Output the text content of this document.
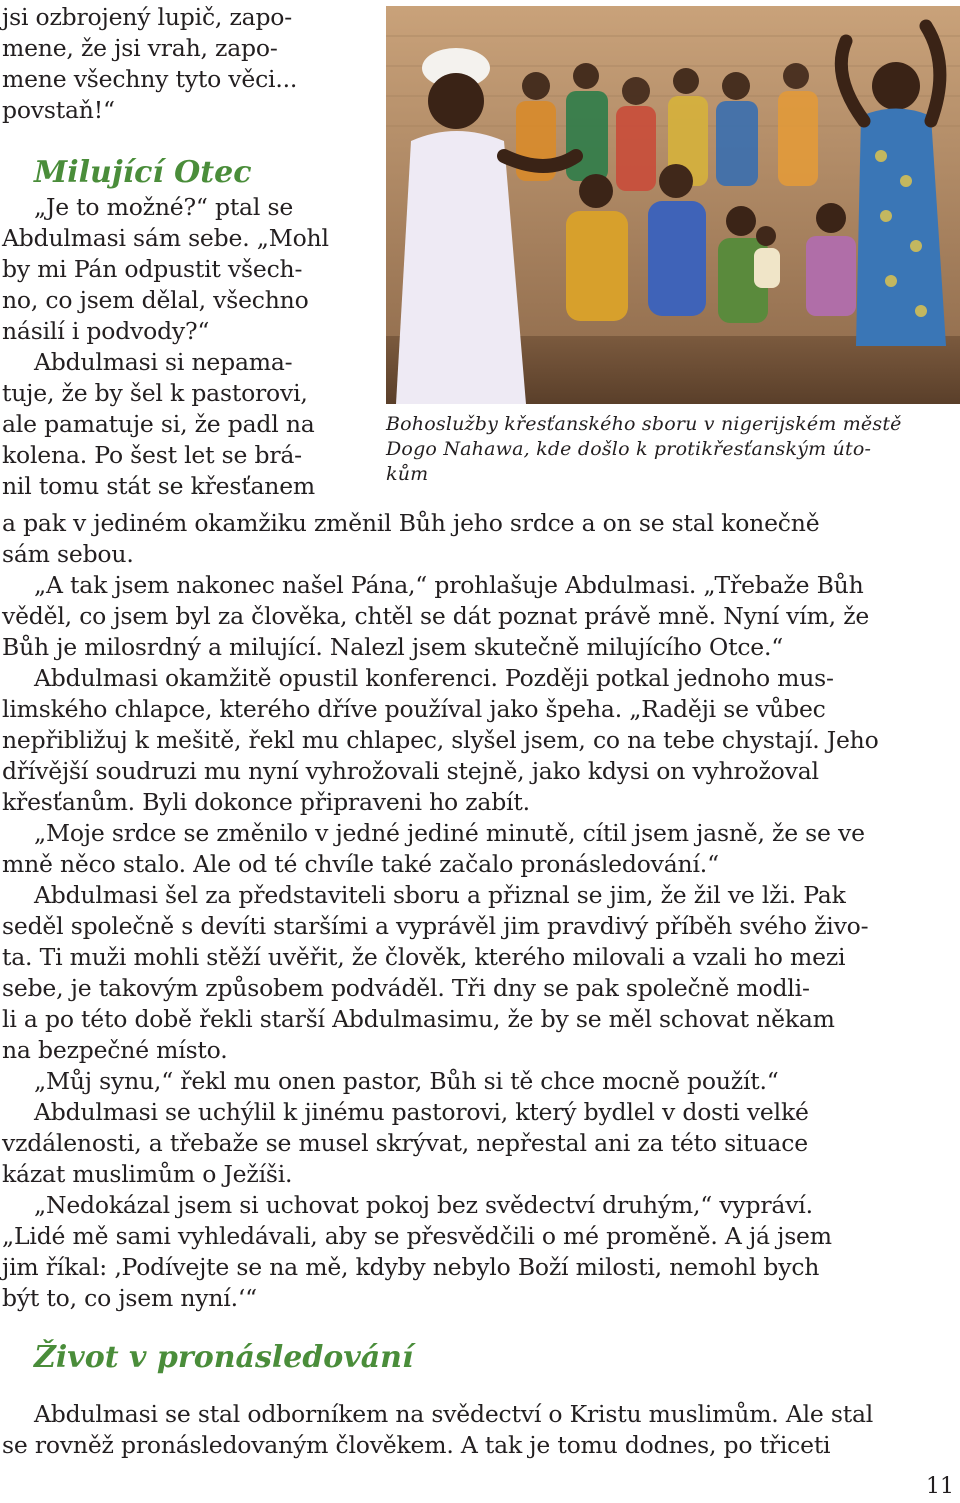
jsi ozbrojený lupič, zapo-
mene, že jsi vrah, zapo-
mene všechny tyto věci...
povstaň!“
Milující Otec
„Je to možné?“ ptal se
Abdulmasi sám sebe. „Mohl
by mi Pán odpustit všech-
no, co jsem dělal, všechno
násilí i podvody?“
Abdulmasi si nepama-
tuje, že by šel k pastorovi,
ale pamatuje si, že padl na
kolena. Po šest let se brá-
nil tomu stát se křesťanem
Bohoslužby křesťanského sboru v nigerijském městě
Dogo Nahawa, kde došlo k protikřesťanským úto-
kům
a pak v jediném okamžiku změnil Bůh jeho srdce a on se stal konečně
sám sebou.
„A tak jsem nakonec našel Pána,“ prohlašuje Abdulmasi. „Třebaže Bůh
věděl, co jsem byl za člověka, chtěl se dát poznat právě mně. Nyní vím, že
Bůh je milosrdný a milující. Nalezl jsem skutečně milujícího Otce.“
Abdulmasi okamžitě opustil konferenci. Později potkal jednoho mus-
limského chlapce, kterého dříve používal jako špeha. „Raději se vůbec
nepřibližuj k mešitě, řekl mu chlapec, slyšel jsem, co na tebe chystají. Jeho
dřívější soudruzi mu nyní vyhrožovali stejně, jako kdysi on vyhrožoval
křesťanům. Byli dokonce připraveni ho zabít.
„Moje srdce se změnilo v jedné jediné minutě, cítil jsem jasně, že se ve
mně něco stalo. Ale od té chvíle také začalo pronásledování.“
Abdulmasi šel za představiteli sboru a přiznal se jim, že žil ve lži. Pak
seděl společně s devíti staršími a vyprávěl jim pravdivý příběh svého živo-
ta. Ti muži mohli stěží uvěřit, že člověk, kterého milovali a vzali ho mezi
sebe, je takovým způsobem podváděl. Tři dny se pak společně modli-
li a po této době řekli starší Abdulmasimu, že by se měl schovat někam
na bezpečné místo.
„Můj synu,“ řekl mu onen pastor, Bůh si tě chce mocně použít.“
Abdulmasi se uchýlil k jinému pastorovi, který bydlel v dosti velké
vzdálenosti, a třebaže se musel skrývat, nepřestal ani za této situace
kázat muslimům o Ježíši.
„Nedokázal jsem si uchovat pokoj bez svědectví druhým,“ vypráví.
„Lidé mě sami vyhledávali, aby se přesvědčili o mé proměně. A já jsem
jim říkal: ‚Podívejte se na mě, kdyby nebylo Boží milosti, nemohl bych
být to, co jsem nyní.‘“
Život v pronásledování
Abdulmasi se stal odborníkem na svědectví o Kristu muslimům. Ale stal
se rovněž pronásledovaným člověkem. A tak je tomu dodnes, po třiceti
11
